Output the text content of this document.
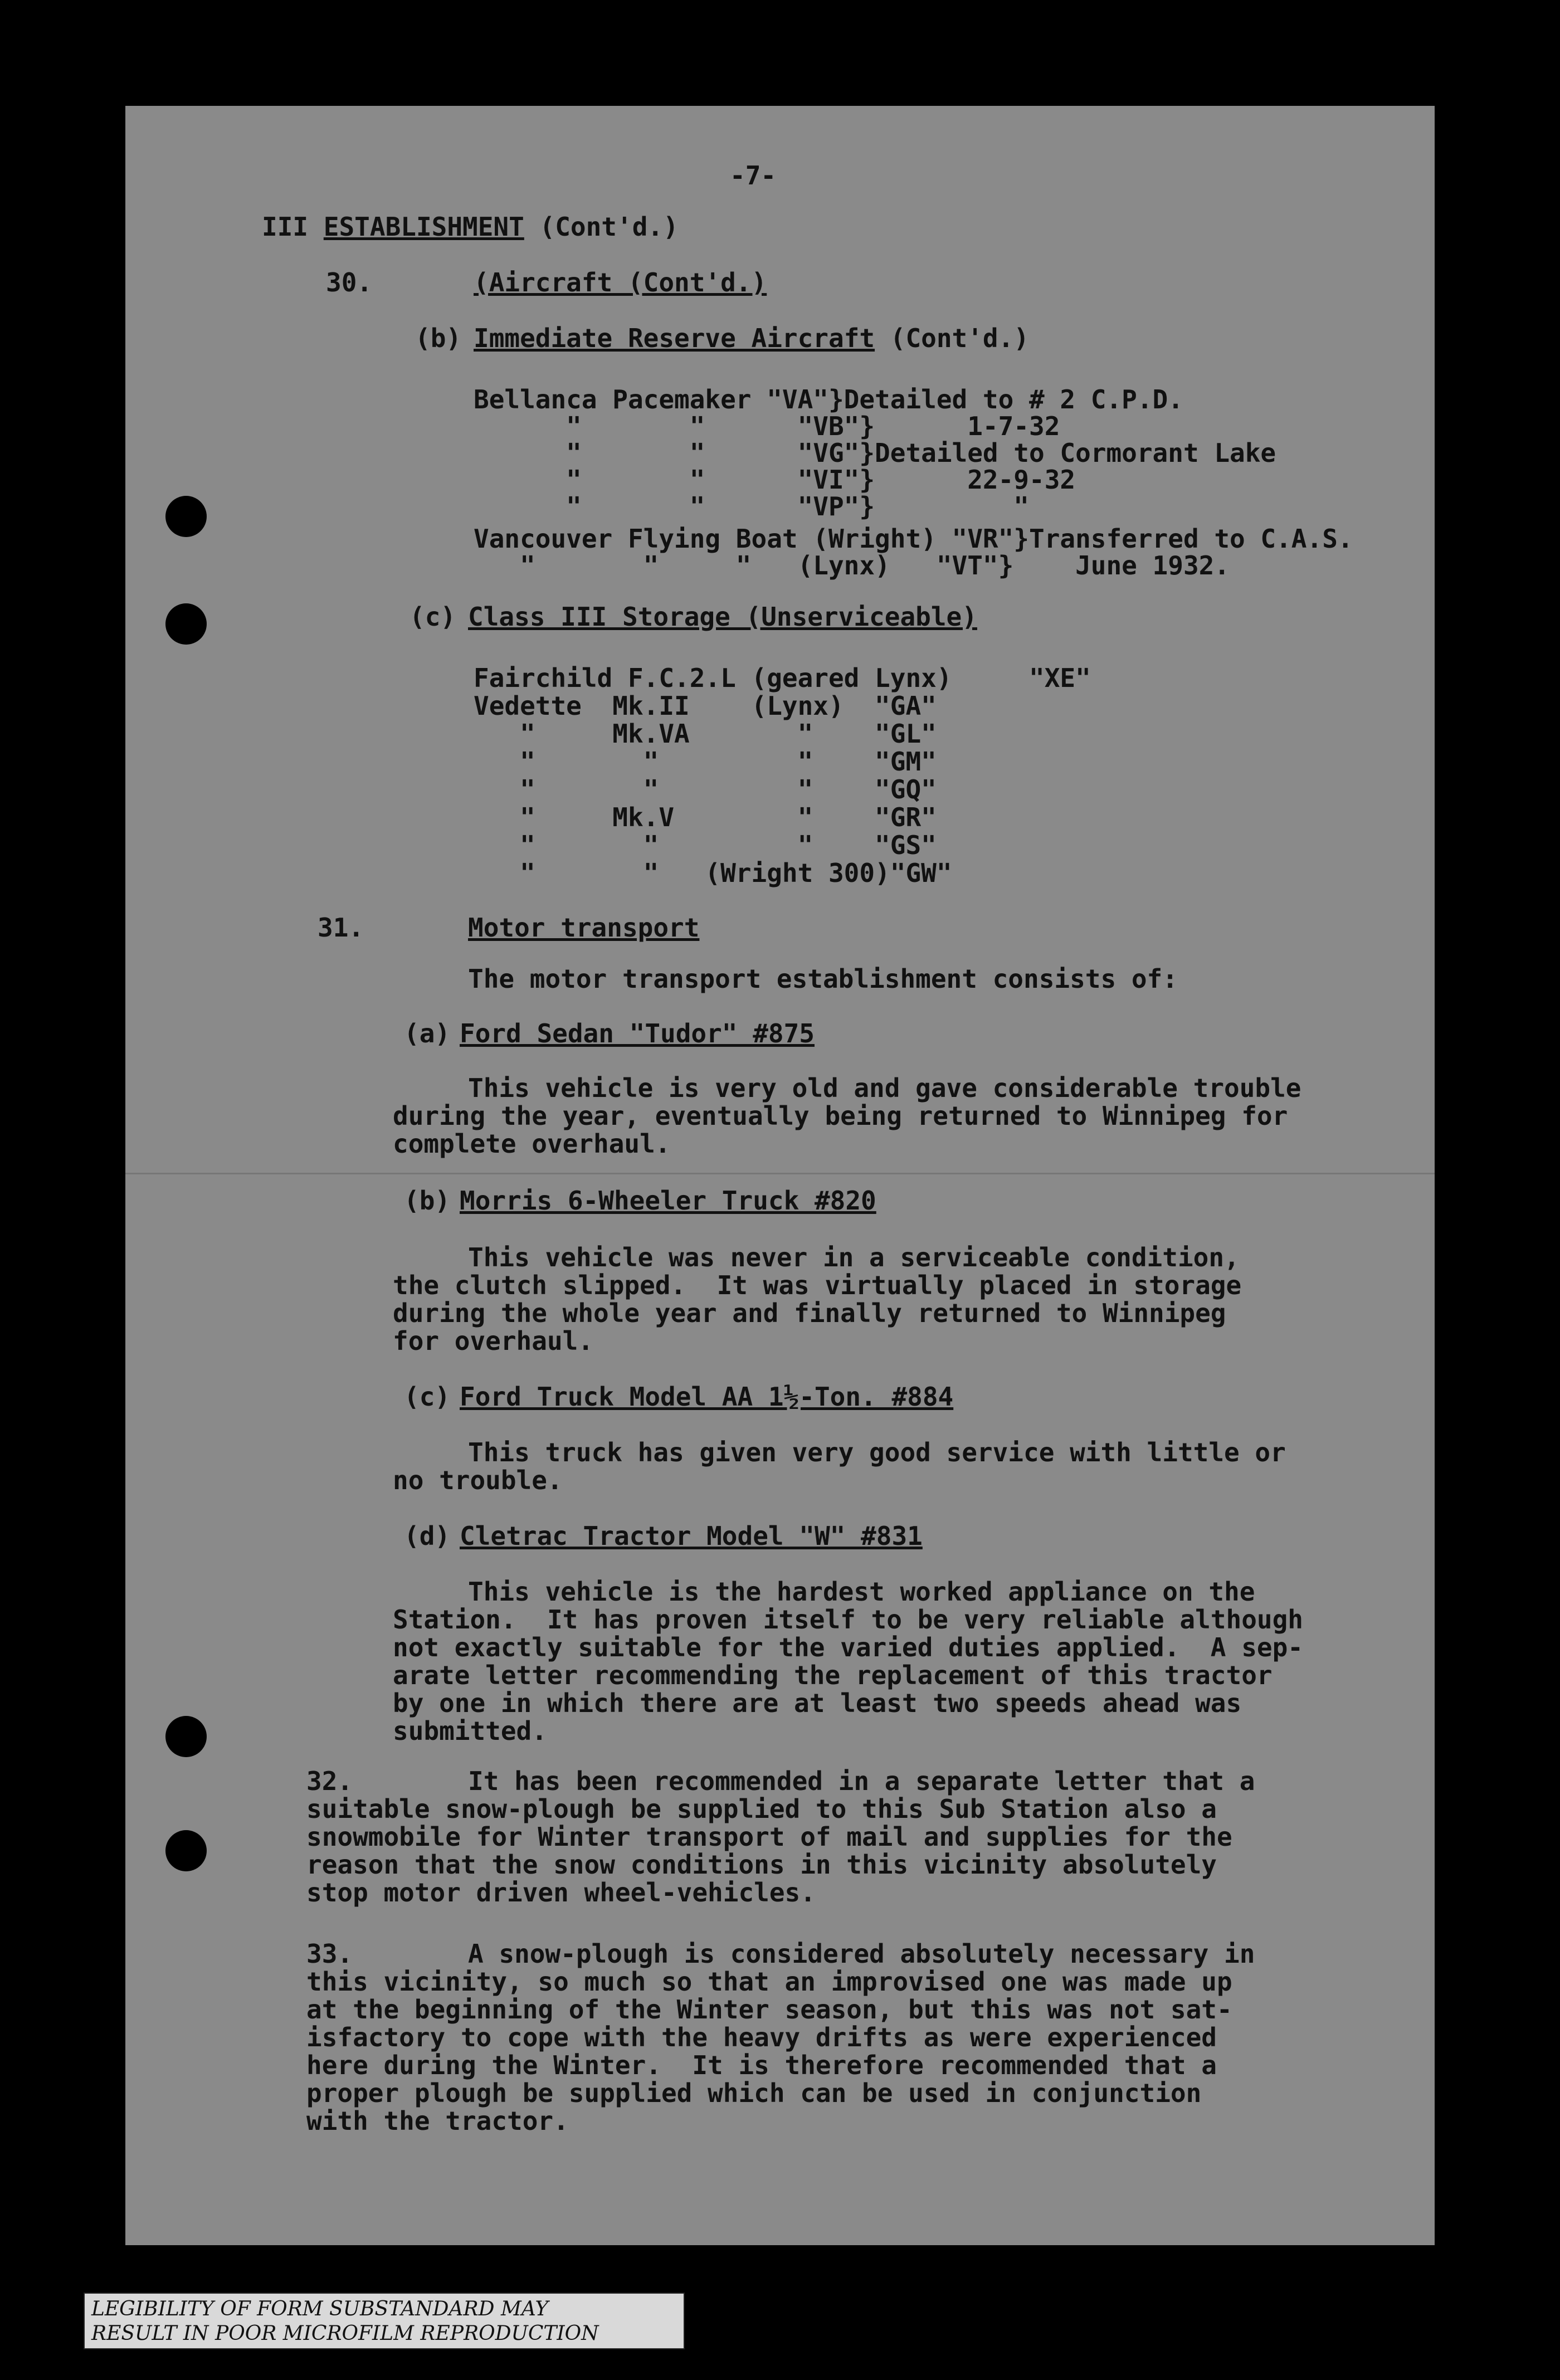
-7-
III ESTABLISHMENT (Cont'd.)
30.	(Aircraft (Cont'd.)
(b) Immediate Reserve Aircraft (Cont'd.)
Bellanca Pacemaker "VA"}Detailed to # 2 C.P.D.
"       "      "VB"}      1-7-32
"       "      "VG"}Detailed to Cormorant Lake
"       "      "VI"}      22-9-32
"       "      "VP"}         "
Vancouver Flying Boat (Wright) "VR"}Transferred to C.A.S.
"       "     "   (Lynx)   "VT"}    June 1932.
(c) Class III Storage (Unserviceable)
Fairchild F.C.2.L (geared Lynx)     "XE"
Vedette  Mk.II    (Lynx)  "GA"
"     Mk.VA       "    "GL"
"       "         "    "GM"
"       "         "    "GQ"
"     Mk.V        "    "GR"
"       "         "    "GS"
"       "   (Wright 300)"GW"
31.	Motor transport
The motor transport establishment consists of:
(a) Ford Sedan "Tudor" #875
This vehicle is very old and gave considerable trouble
during the year, eventually being returned to Winnipeg for
complete overhaul.
(b) Morris 6-Wheeler Truck #820
This vehicle was never in a serviceable condition,
the clutch slipped.  It was virtually placed in storage
during the whole year and finally returned to Winnipeg
for overhaul.
(c) Ford Truck Model AA 1½-Ton. #884
This truck has given very good service with little or
no trouble.
(d) Cletrac Tractor Model "W" #831
This vehicle is the hardest worked appliance on the
Station.  It has proven itself to be very reliable although
not exactly suitable for the varied duties applied.  A sep-
arate letter recommending the replacement of this tractor
by one in which there are at least two speeds ahead was
submitted.
32.	It has been recommended in a separate letter that a
suitable snow-plough be supplied to this Sub Station also a
snowmobile for Winter transport of mail and supplies for the
reason that the snow conditions in this vicinity absolutely
stop motor driven wheel-vehicles.
33.	A snow-plough is considered absolutely necessary in
this vicinity, so much so that an improvised one was made up
at the beginning of the Winter season, but this was not sat-
isfactory to cope with the heavy drifts as were experienced
here during the Winter.  It is therefore recommended that a
proper plough be supplied which can be used in conjunction
with the tractor.
LEGIBILITY OF FORM SUBSTANDARD MAY
RESULT IN POOR MICROFILM REPRODUCTION
